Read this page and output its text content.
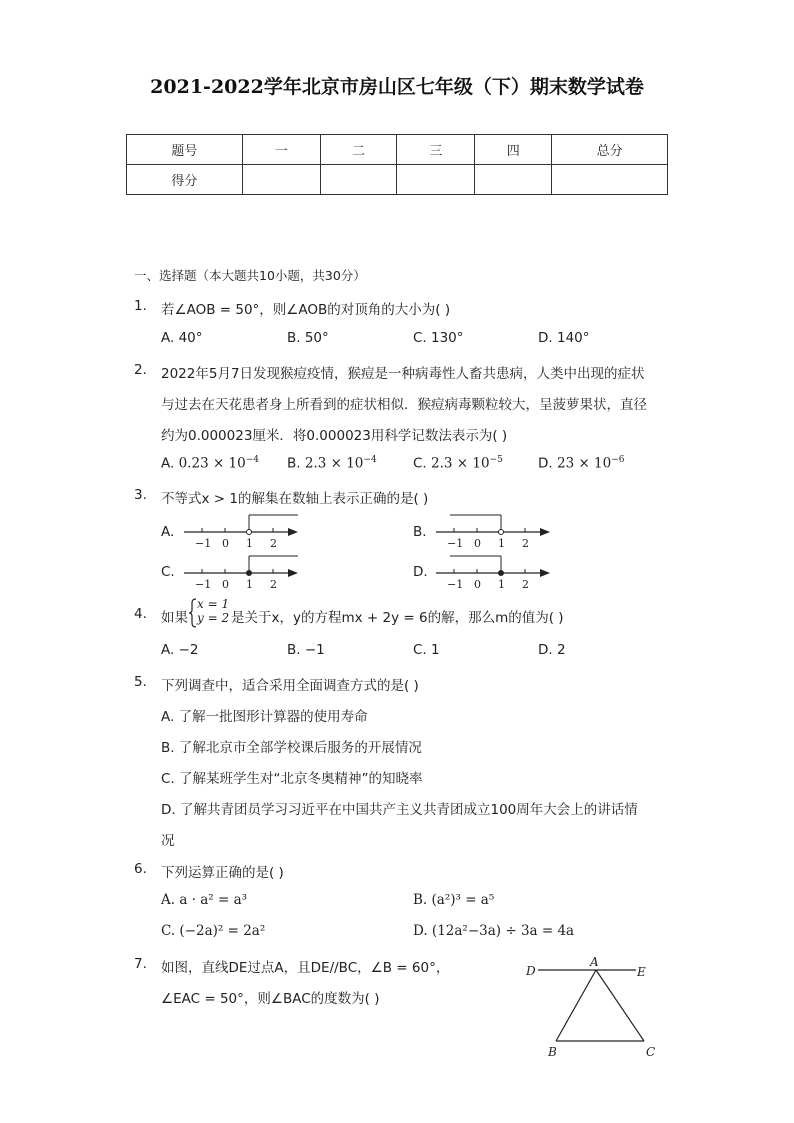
2021-2022学年北京市房山区七年级（下）期末数学试卷
题号	一	二	三	四	总分
得分					
一、选择题（本大题共10小题，共30分）
1. 若∠AOB = 50°，则∠AOB的对顶角的大小为( )
A. 40°	B. 50°	C. 130°	D. 140°
2. 2022年5月7日发现猴痘疫情，猴痘是一种病毒性人畜共患病，人类中出现的症状
与过去在天花患者身上所看到的症状相似．猴痘病毒颗粒较大，呈菠萝果状，直径
约为0.000023厘米．将0.000023用科学记数法表示为( )
A. $0.23 \times 10^{-4}$ B. $2.3 \times 10^{-4}$	C. $2.3 \times 10^{-5}$	D. $23 \times 10^{-6}$
3. 不等式x > 1的解集在数轴上表示正确的是( )
A.
−1 0 1 2
B.
−1 0 1 2
C.
−1 0 1 2
D.
−1 0 1 2
4. 如果
x = 1
y = 2 是关于x，y的方程mx + 2y = 6的解，那么m的值为( )
A. −2	B. −1	C. 1	D. 2
5. 下列调查中，适合采用全面调查方式的是( )
A. 了解一批图形计算器的使用寿命
B. 了解北京市全部学校课后服务的开展情况
C. 了解某班学生对“北京冬奥精神”的知晓率
D. 了解共青团员学习习近平在中国共产主义共青团成立100周年大会上的讲话情
况
6. 下列运算正确的是( )
A. a · a² = a³	B. (a²)³ = a⁵
C. (−2a)² = 2a²	D. (12a²−3a) ÷ 3a = 4a
7. 如图，直线DE过点A，且DE//BC，∠B = 60°，
∠EAC = 50°，则∠BAC的度数为( )
D
A
E
B	C
